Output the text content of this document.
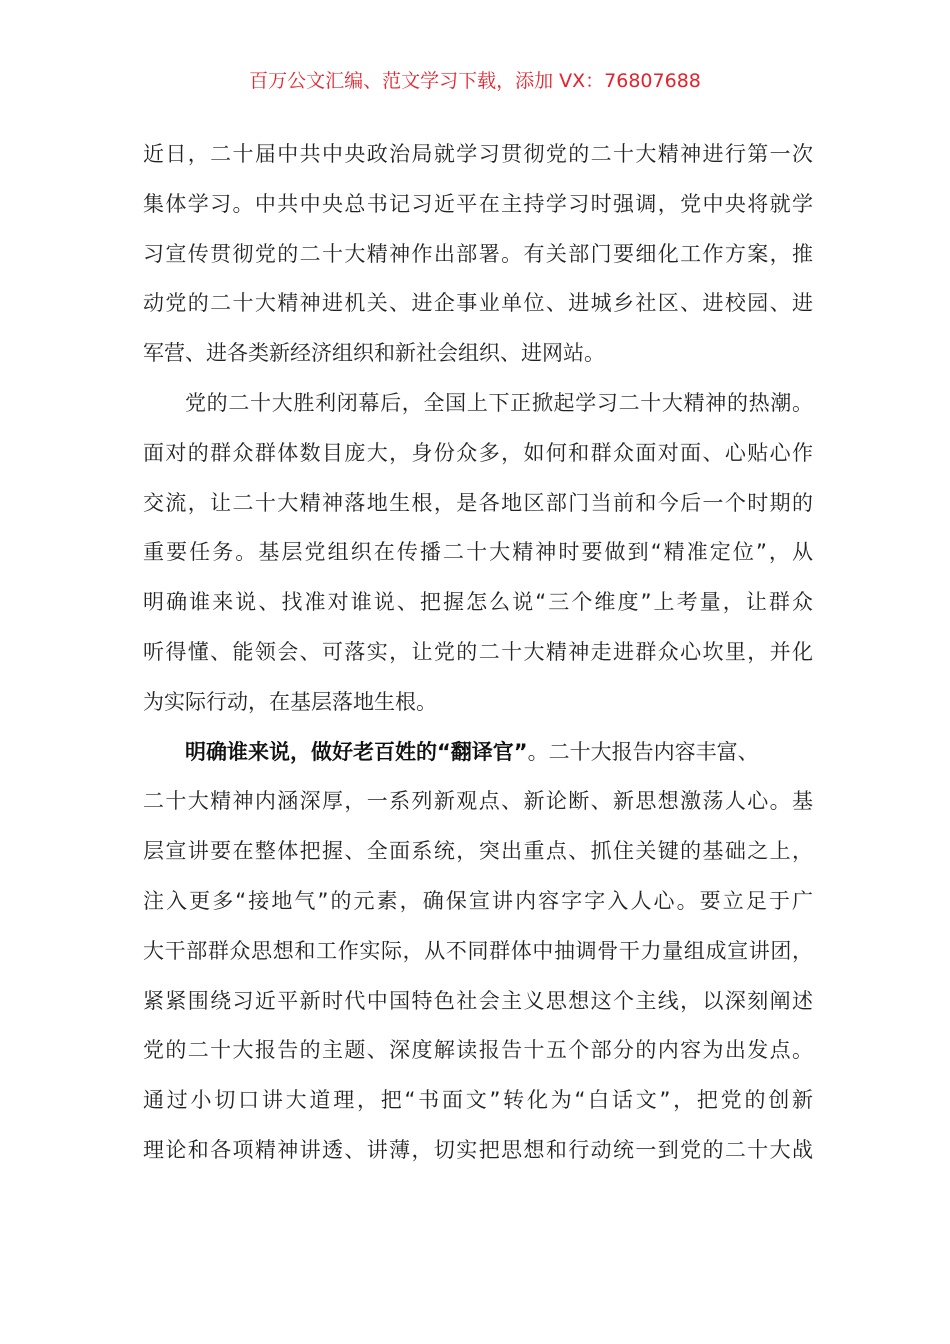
百万公文汇编、范文学习下载，添加 VX：76807688
近日，二十届中共中央政治局就学习贯彻党的二十大精神进行第一次
集体学习。中共中央总书记习近平在主持学习时强调，党中央将就学
习宣传贯彻党的二十大精神作出部署。有关部门要细化工作方案，推
动党的二十大精神进机关、进企事业单位、进城乡社区、进校园、进
军营、进各类新经济组织和新社会组织、进网站。
党的二十大胜利闭幕后，全国上下正掀起学习二十大精神的热潮。
面对的群众群体数目庞大，身份众多，如何和群众面对面、心贴心作
交流，让二十大精神落地生根，是各地区部门当前和今后一个时期的
重要任务。基层党组织在传播二十大精神时要做到“精准定位”，从
明确谁来说、找准对谁说、把握怎么说“三个维度”上考量，让群众
听得懂、能领会、可落实，让党的二十大精神走进群众心坎里，并化
为实际行动，在基层落地生根。
明确谁来说，做好老百姓的“翻译官”。二十大报告内容丰富、
二十大精神内涵深厚，一系列新观点、新论断、新思想激荡人心。基
层宣讲要在整体把握、全面系统，突出重点、抓住关键的基础之上，
注入更多“接地气”的元素，确保宣讲内容字字入人心。要立足于广
大干部群众思想和工作实际，从不同群体中抽调骨干力量组成宣讲团，
紧紧围绕习近平新时代中国特色社会主义思想这个主线，以深刻阐述
党的二十大报告的主题、深度解读报告十五个部分的内容为出发点。
通过小切口讲大道理，把“书面文”转化为“白话文”，把党的创新
理论和各项精神讲透、讲薄，切实把思想和行动统一到党的二十大战
